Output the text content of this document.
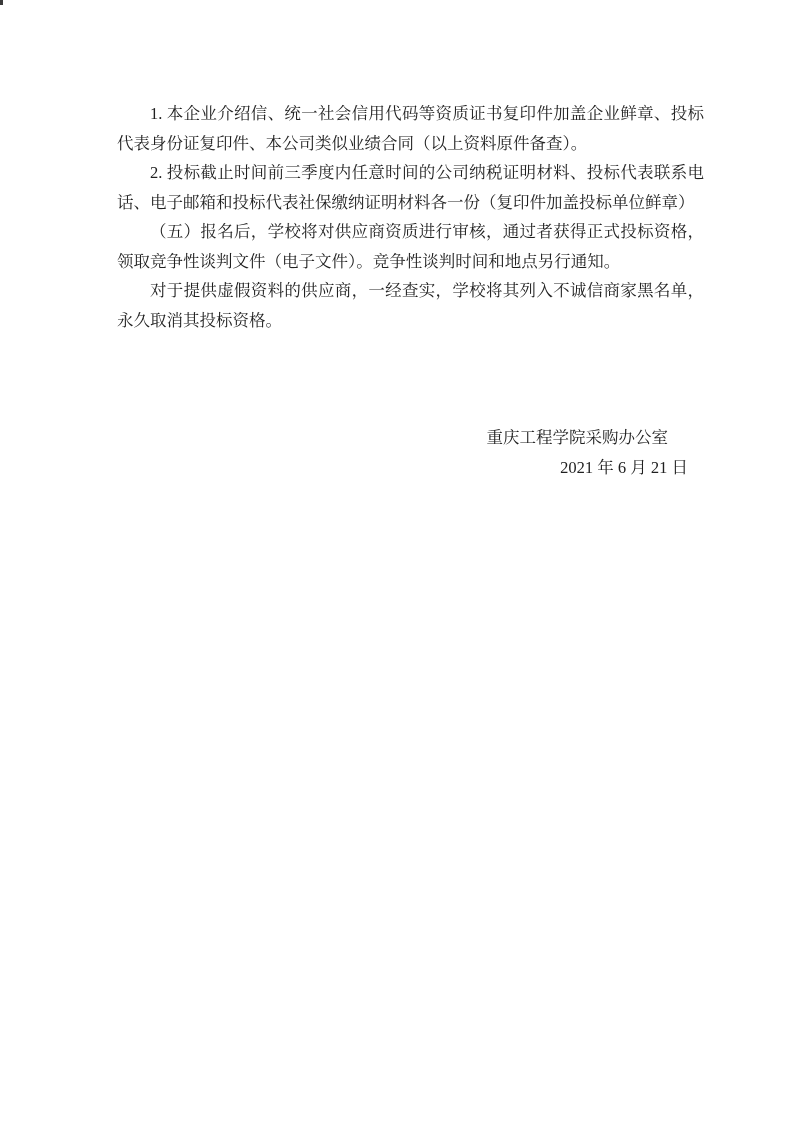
1. 本企业介绍信、统一社会信用代码等资质证书复印件加盖企业鲜章、投标代表身份证复印件、本公司类似业绩合同（以上资料原件备查）。
2. 投标截止时间前三季度内任意时间的公司纳税证明材料、投标代表联系电话、电子邮箱和投标代表社保缴纳证明材料各一份（复印件加盖投标单位鲜章）
（五）报名后，学校将对供应商资质进行审核，通过者获得正式投标资格，领取竞争性谈判文件（电子文件）。竞争性谈判时间和地点另行通知。
对于提供虚假资料的供应商，一经查实，学校将其列入不诚信商家黑名单，永久取消其投标资格。
重庆工程学院采购办公室
2021 年 6 月 21 日
